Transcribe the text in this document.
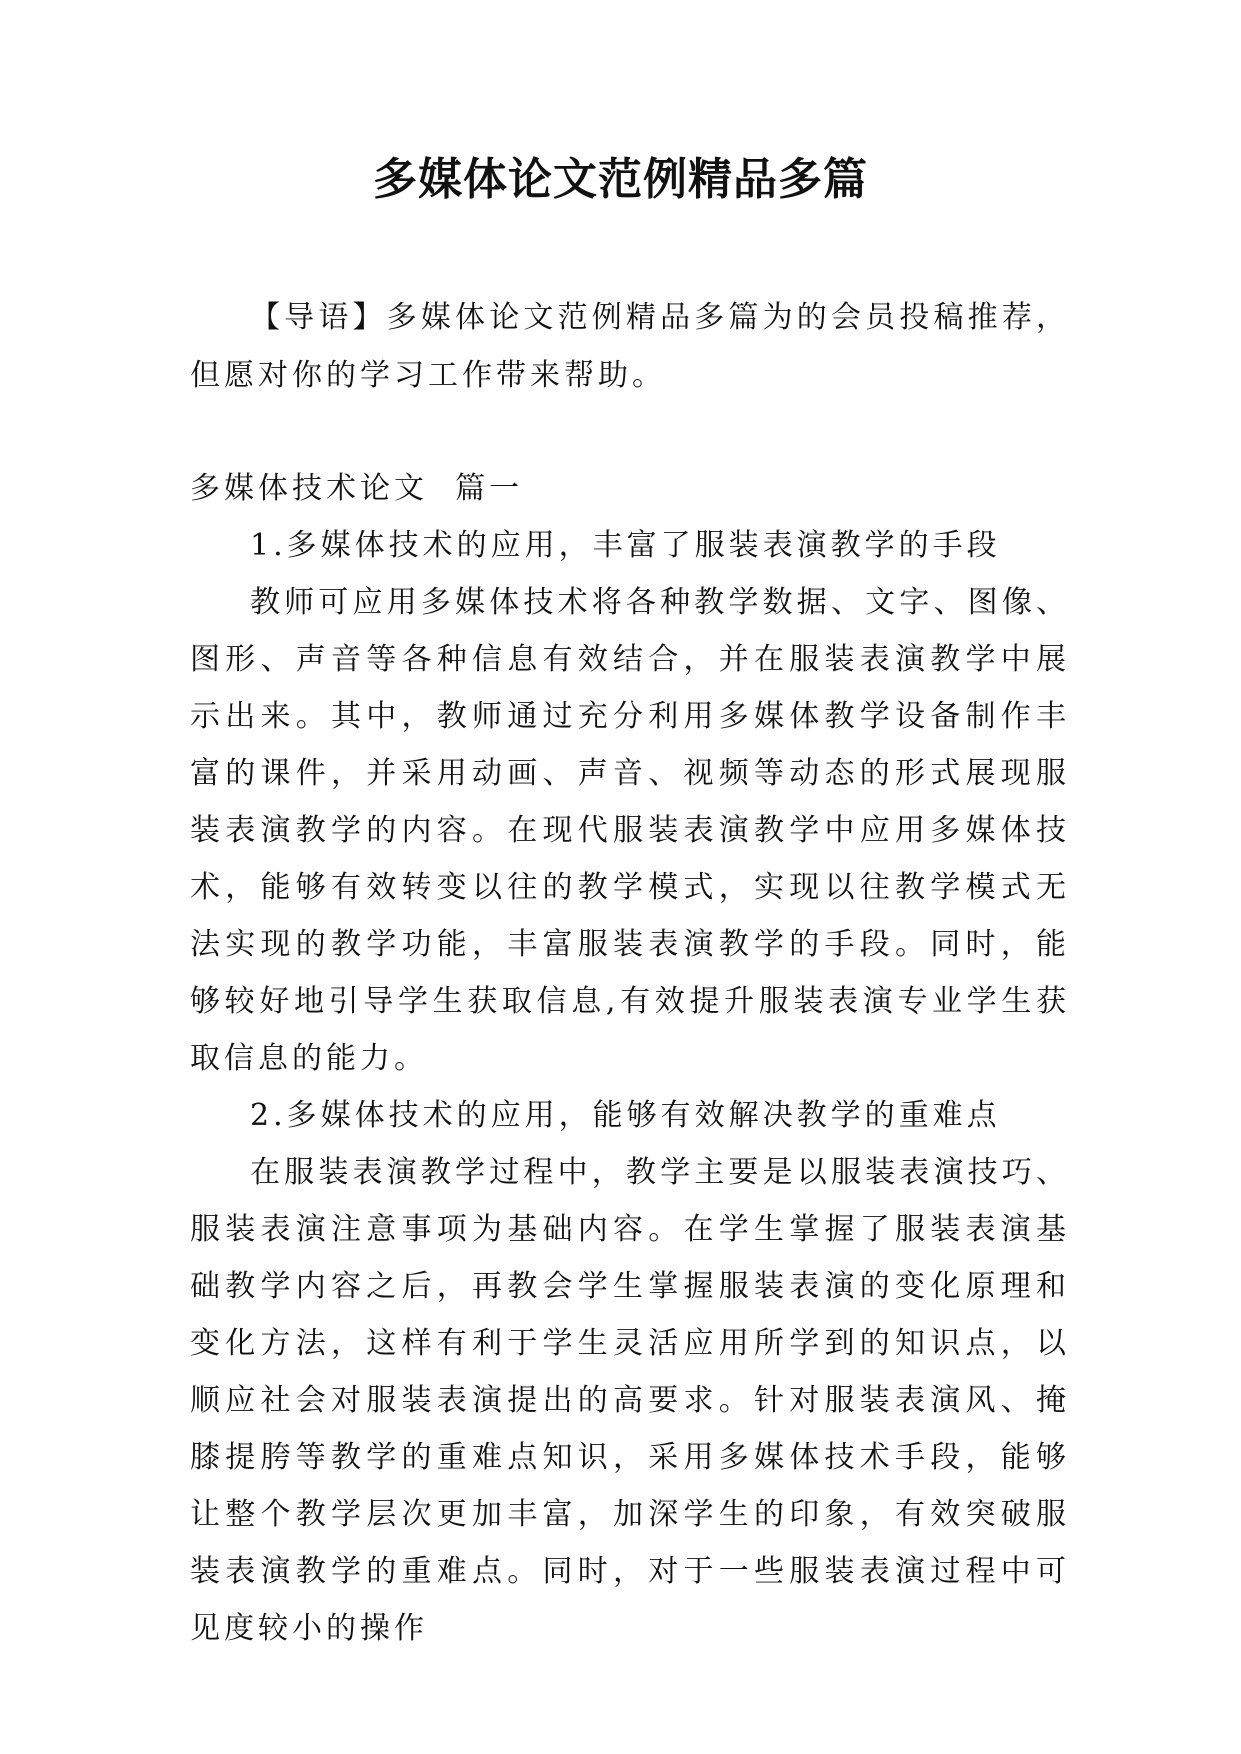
多媒体论文范例精品多篇

【导语】多媒体论文范例精品多篇为的会员投稿推荐，但愿对你的学习工作带来帮助。

多媒体技术论文  篇一

1.多媒体技术的应用，丰富了服装表演教学的手段

教师可应用多媒体技术将各种教学数据、文字、图像、图形、声音等各种信息有效结合，并在服装表演教学中展示出来。其中，教师通过充分利用多媒体教学设备制作丰富的课件，并采用动画、声音、视频等动态的形式展现服装表演教学的内容。在现代服装表演教学中应用多媒体技术，能够有效转变以往的教学模式，实现以往教学模式无法实现的教学功能，丰富服装表演教学的手段。同时，能够较好地引导学生获取信息,有效提升服装表演专业学生获取信息的能力。

2.多媒体技术的应用，能够有效解决教学的重难点

在服装表演教学过程中，教学主要是以服装表演技巧、服装表演注意事项为基础内容。在学生掌握了服装表演基础教学内容之后，再教会学生掌握服装表演的变化原理和变化方法，这样有利于学生灵活应用所学到的知识点，以顺应社会对服装表演提出的高要求。针对服装表演风、掩膝提胯等教学的重难点知识，采用多媒体技术手段，能够让整个教学层次更加丰富，加深学生的印象，有效突破服装表演教学的重难点。同时，对于一些服装表演过程中可见度较小的操作
